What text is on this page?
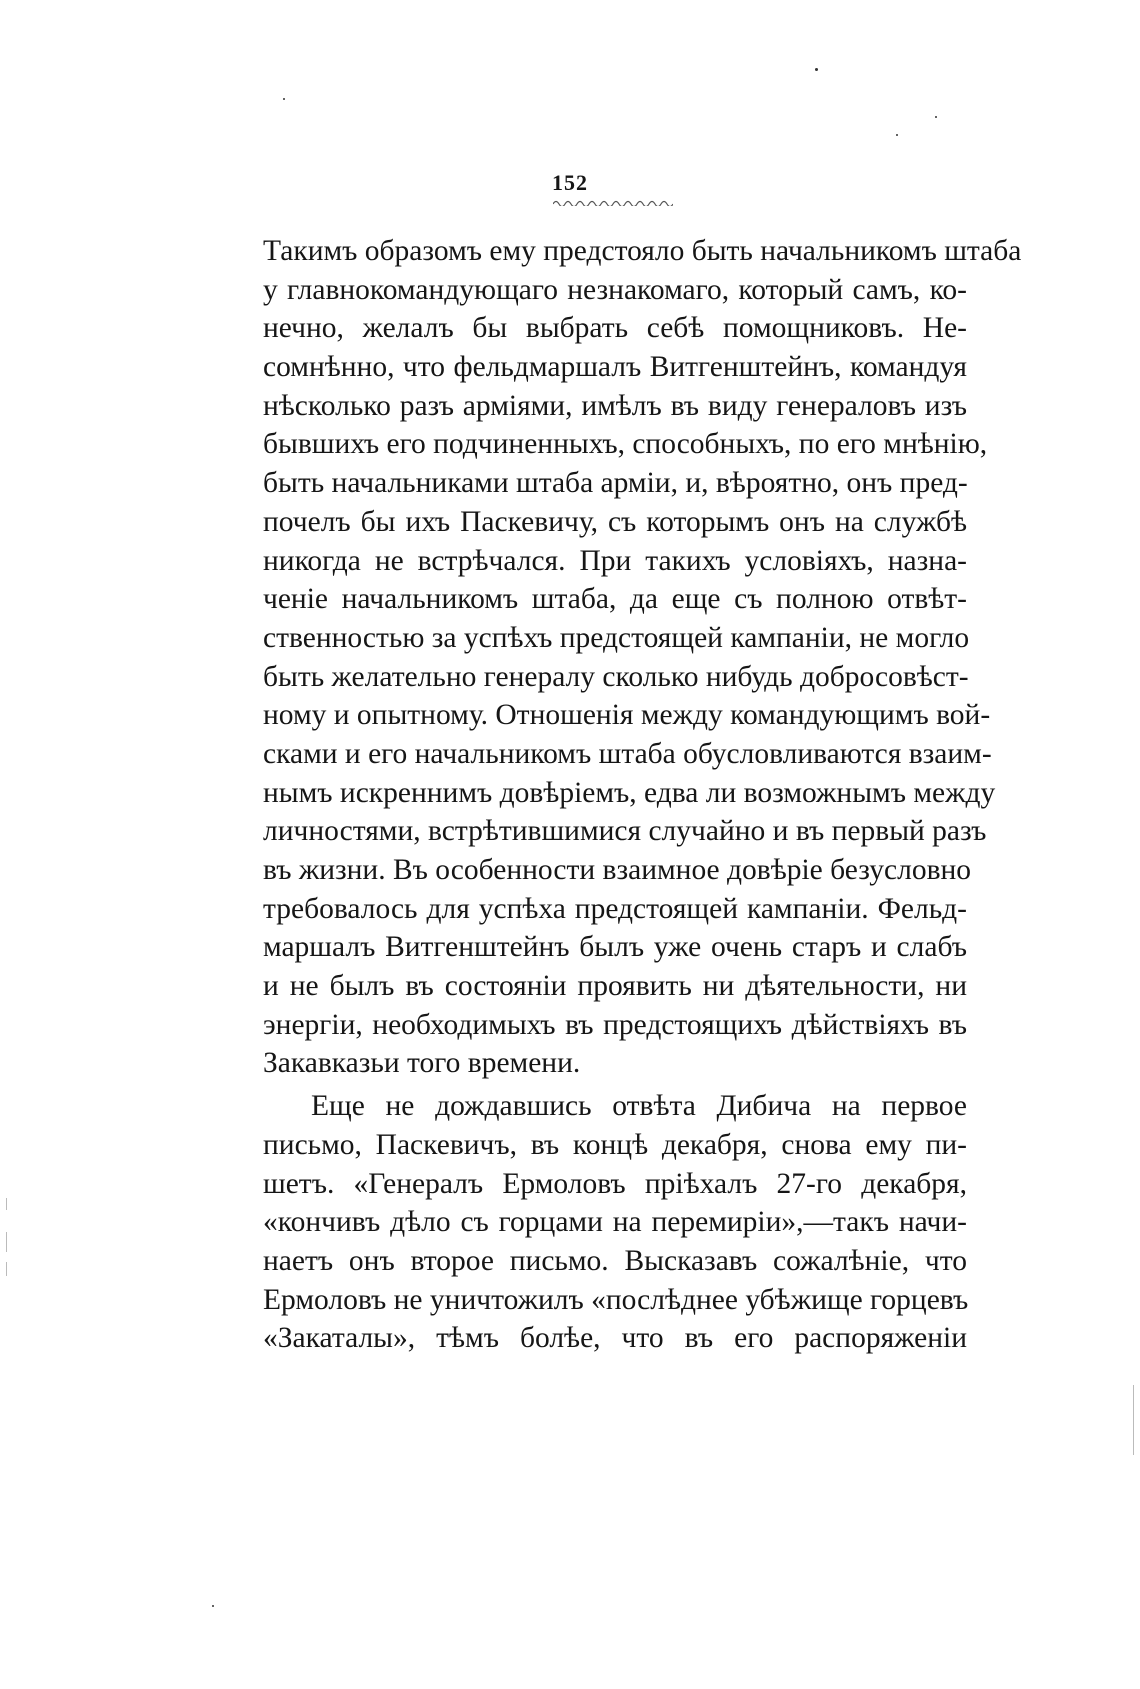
152
Такимъ образомъ ему предстояло быть начальникомъ штаба
у главнокомандующаго незнакомаго, который самъ, ко-
нечно, желалъ бы выбрать себѣ помощниковъ. Не-
сомнѣнно, что фельдмаршалъ Витгенштейнъ, командуя
нѣсколько разъ арміями, имѣлъ въ виду генераловъ изъ
бывшихъ его подчиненныхъ, способныхъ, по его мнѣнію,
быть начальниками штаба арміи, и, вѣроятно, онъ пред-
почелъ бы ихъ Паскевичу, съ которымъ онъ на службѣ
никогда не встрѣчался. При такихъ условіяхъ, назна-
ченіе начальникомъ штаба, да еще съ полною отвѣт-
ственностью за успѣхъ предстоящей кампаніи, не могло
быть желательно генералу сколько нибудь добросовѣст-
ному и опытному. Отношенія между командующимъ вой-
сками и его начальникомъ штаба обусловливаются взаим-
нымъ искреннимъ довѣріемъ, едва ли возможнымъ между
личностями, встрѣтившимися случайно и въ первый разъ
въ жизни. Въ особенности взаимное довѣріе безусловно
требовалось для успѣха предстоящей кампаніи. Фельд-
маршалъ Витгенштейнъ былъ уже очень старъ и слабъ
и не былъ въ состояніи проявить ни дѣятельности, ни
энергіи, необходимыхъ въ предстоящихъ дѣйствіяхъ въ
Закавказьи того времени.
Еще не дождавшись отвѣта Дибича на первое
письмо, Паскевичъ, въ концѣ декабря, снова ему пи-
шетъ. «Генералъ Ермоловъ пріѣхалъ 27-го декабря,
«кончивъ дѣло съ горцами на перемиріи»,—такъ начи-
наетъ онъ второе письмо. Высказавъ сожалѣніе, что
Ермоловъ не уничтожилъ «послѣднее убѣжище горцевъ
«Закаталы», тѣмъ болѣе, что въ его распоряженіи
